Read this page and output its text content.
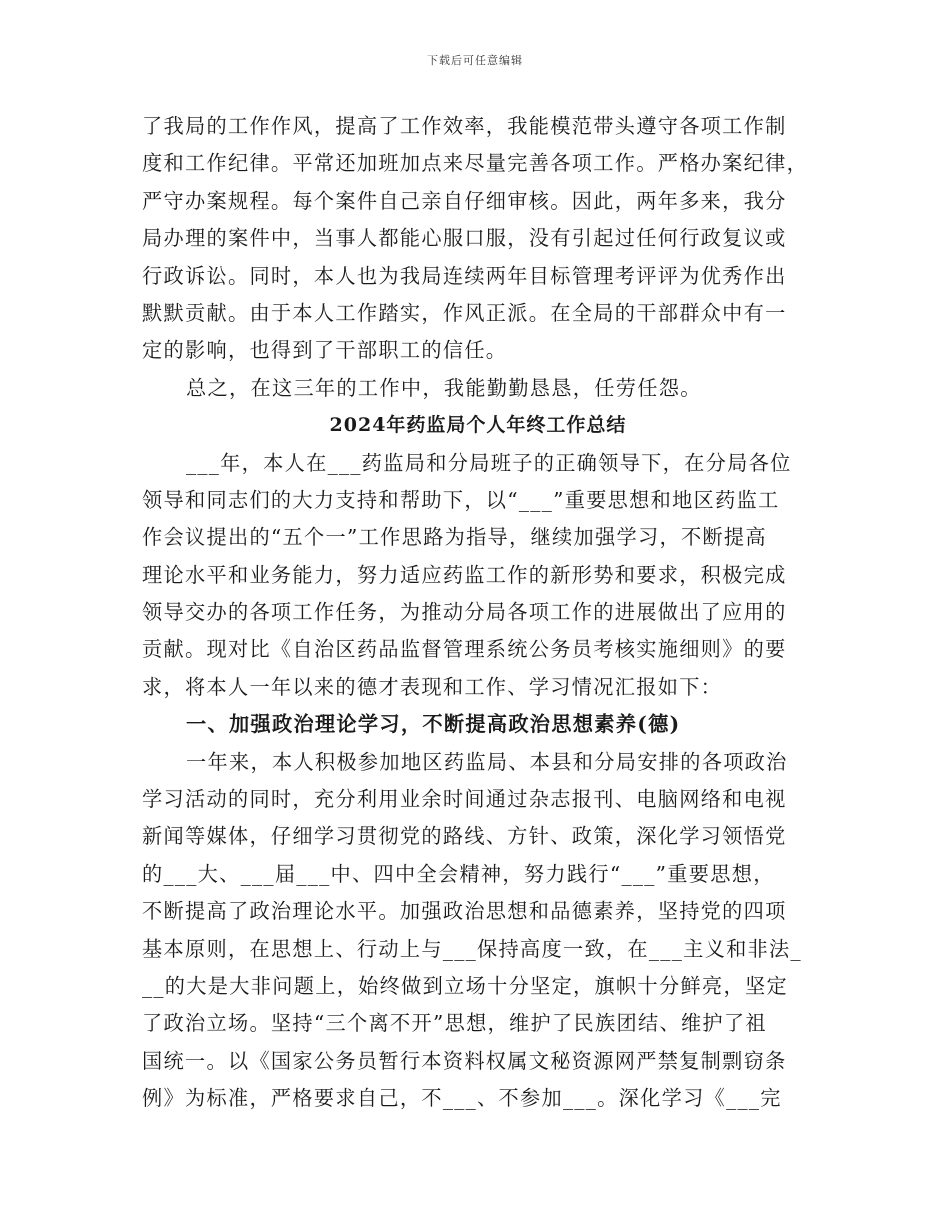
下载后可任意编辑
了我局的工作作风，提高了工作效率，我能模范带头遵守各项工作制
度和工作纪律。平常还加班加点来尽量完善各项工作。严格办案纪律，
严守办案规程。每个案件自己亲自仔细审核。因此，两年多来，我分
局办理的案件中，当事人都能心服口服，没有引起过任何行政复议或
行政诉讼。同时，本人也为我局连续两年目标管理考评评为优秀作出
默默贡献。由于本人工作踏实，作风正派。在全局的干部群众中有一
定的影响，也得到了干部职工的信任。
总之，在这三年的工作中，我能勤勤恳恳，任劳任怨。
2024年药监局个人年终工作总结
___年，本人在___药监局和分局班子的正确领导下，在分局各位
领导和同志们的大力支持和帮助下，以“___”重要思想和地区药监工
作会议提出的“五个一”工作思路为指导，继续加强学习，不断提高
理论水平和业务能力，努力适应药监工作的新形势和要求，积极完成
领导交办的各项工作任务，为推动分局各项工作的进展做出了应用的
贡献。现对比《自治区药品监督管理系统公务员考核实施细则》的要
求，将本人一年以来的德才表现和工作、学习情况汇报如下：
一、加强政治理论学习，不断提高政治思想素养(德)
一年来，本人积极参加地区药监局、本县和分局安排的各项政治
学习活动的同时，充分利用业余时间通过杂志报刊、电脑网络和电视
新闻等媒体，仔细学习贯彻党的路线、方针、政策，深化学习领悟党
的___大、___届___中、四中全会精神，努力践行“___”重要思想，
不断提高了政治理论水平。加强政治思想和品德素养，坚持党的四项
基本原则，在思想上、行动上与___保持高度一致，在___主义和非法_
__的大是大非问题上，始终做到立场十分坚定，旗帜十分鲜亮，坚定
了政治立场。坚持“三个离不开”思想，维护了民族团结、维护了祖
国统一。以《国家公务员暂行本资料权属文秘资源网严禁复制剽窃条
例》为标准，严格要求自己，不___、不参加___。深化学习《___完
